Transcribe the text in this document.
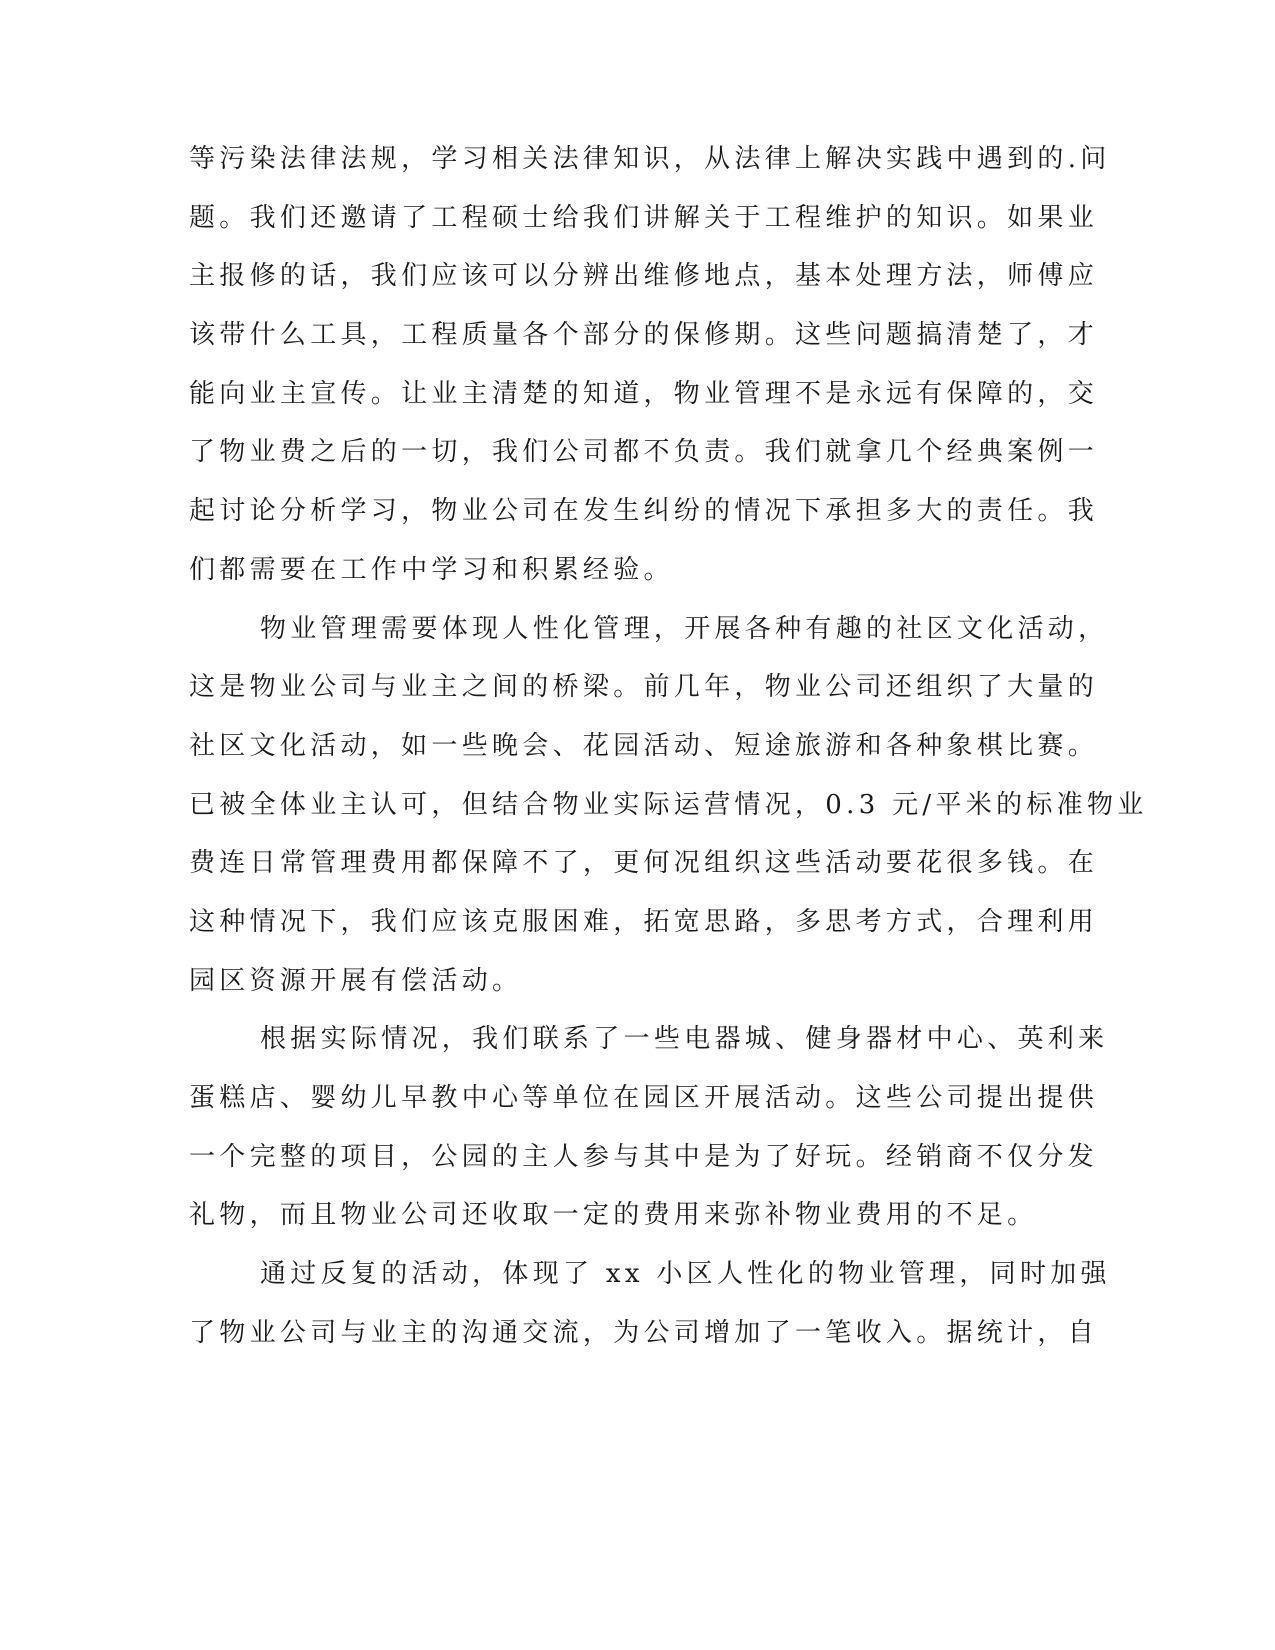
等污染法律法规，学习相关法律知识，从法律上解决实践中遇到的.问
题。我们还邀请了工程硕士给我们讲解关于工程维护的知识。如果业
主报修的话，我们应该可以分辨出维修地点，基本处理方法，师傅应
该带什么工具，工程质量各个部分的保修期。这些问题搞清楚了，才
能向业主宣传。让业主清楚的知道，物业管理不是永远有保障的，交
了物业费之后的一切，我们公司都不负责。我们就拿几个经典案例一
起讨论分析学习，物业公司在发生纠纷的情况下承担多大的责任。我
们都需要在工作中学习和积累经验。
物业管理需要体现人性化管理，开展各种有趣的社区文化活动，
这是物业公司与业主之间的桥梁。前几年，物业公司还组织了大量的
社区文化活动，如一些晚会、花园活动、短途旅游和各种象棋比赛。
已被全体业主认可，但结合物业实际运营情况，0.3 元/平米的标准物业
费连日常管理费用都保障不了，更何况组织这些活动要花很多钱。在
这种情况下，我们应该克服困难，拓宽思路，多思考方式，合理利用
园区资源开展有偿活动。
根据实际情况，我们联系了一些电器城、健身器材中心、英利来
蛋糕店、婴幼儿早教中心等单位在园区开展活动。这些公司提出提供
一个完整的项目，公园的主人参与其中是为了好玩。经销商不仅分发
礼物，而且物业公司还收取一定的费用来弥补物业费用的不足。
通过反复的活动，体现了 xx 小区人性化的物业管理，同时加强
了物业公司与业主的沟通交流，为公司增加了一笔收入。据统计，自
